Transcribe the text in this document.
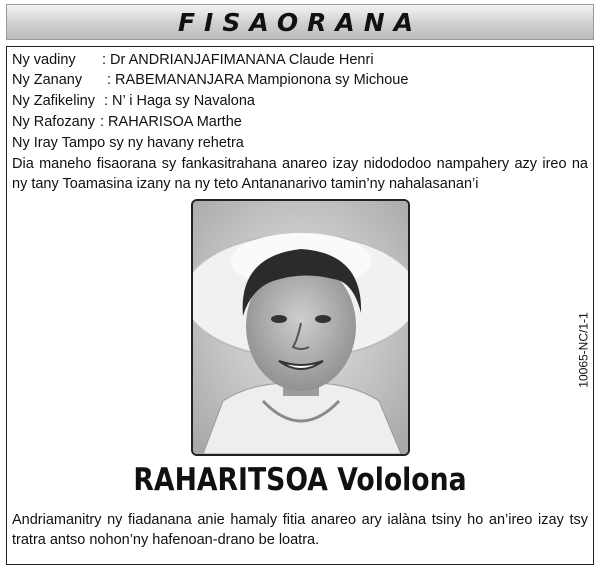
FISAORANA
Ny vadiny : Dr ANDRIANJAFIMANANA Claude Henri
Ny Zanany : RABEMANANJARA Mampionona sy Michoue
Ny Zafikeliny : N’ i Haga sy Navalona
Ny Rafozany : RAHARISOA Marthe
Ny Iray Tampo sy ny havany rehetra
Dia maneho fisaorana sy fankasitrahana anareo izay nidododoo nampahery azy ireo na ny tany Toamasina izany na ny teto Antananarivo tamin’ny nahalasanan’i
10065-NC/1-1
RAHARITSOA Vololona
Andriamanitry ny fiadanana anie hamaly fitia anareo ary ialàna tsiny ho an’ireo izay tsy tratra antso nohon’ny hafenoan-drano be loatra.
